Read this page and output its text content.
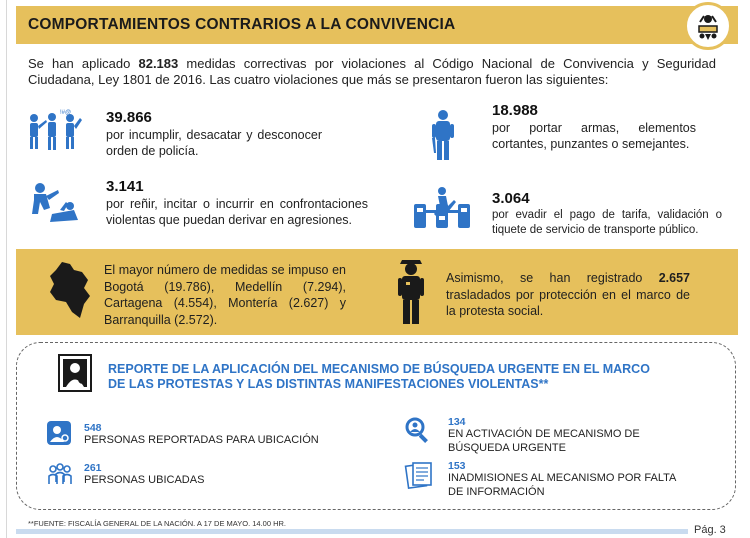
COMPORTAMIENTOS CONTRARIOS A LA CONVIVENCIA

Se han aplicado 82.183 medidas correctivas por violaciones al Código Nacional de Convivencia y Seguridad Ciudadana, Ley 1801 de 2016. Las cuatro violaciones que más se presentaron fueron las siguientes:

!#@ 39.866
por incumplir, desacatar y desconocer orden de policía.
18.988
por portar armas, elementos cortantes, punzantes o semejantes.
3.141
por reñir, incitar o incurrir en confrontaciones violentas que puedan derivar en agresiones.
3.064
por evadir el pago de tarifa, validación o tiquete de servicio de transporte público.
El mayor número de medidas se impuso en Bogotá (19.786), Medellín (7.294), Cartagena (4.554), Montería (2.627) y Barranquilla (2.572).

Asimismo, se han registrado 2.657 trasladados por protección en el marco de la protesta social.

REPORTE DE LA APLICACIÓN DEL MECANISMO DE BÚSQUEDA URGENTE EN EL MARCO DE LAS PROTESTAS Y LAS DISTINTAS MANIFESTACIONES VIOLENTAS**
548
PERSONAS REPORTADAS PARA UBICACIÓN
134
EN ACTIVACIÓN DE MECANISMO DE BÚSQUEDA URGENTE
261
PERSONAS UBICADAS
153
INADMISIONES AL MECANISMO POR FALTA DE INFORMACIÓN
**FUENTE: FISCALÍA GENERAL DE LA NACIÓN. A 17 DE MAYO. 14.00 HR.
Pág. 3
